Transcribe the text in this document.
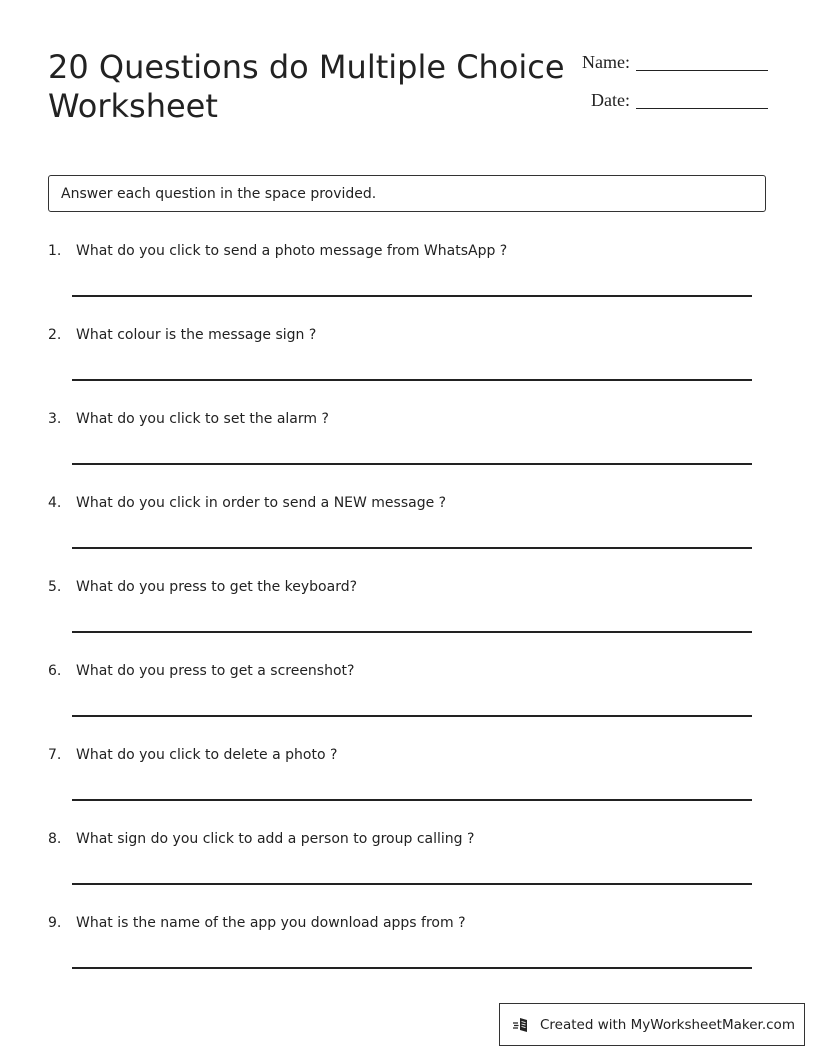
20 Questions do Multiple Choice Worksheet
Name:
Date:
Answer each question in the space provided.
1. What do you click to send a photo message from WhatsApp ?
2. What colour is the message sign ?
3. What do you click to set the alarm ?
4. What do you click in order to send a NEW message ?
5. What do you press to get the keyboard?
6. What do you press to get a screenshot?
7. What do you click to delete a photo ?
8. What sign do you click to add a person to group calling ?
9. What is the name of the app you download apps from ?
Created with MyWorksheetMaker.com
